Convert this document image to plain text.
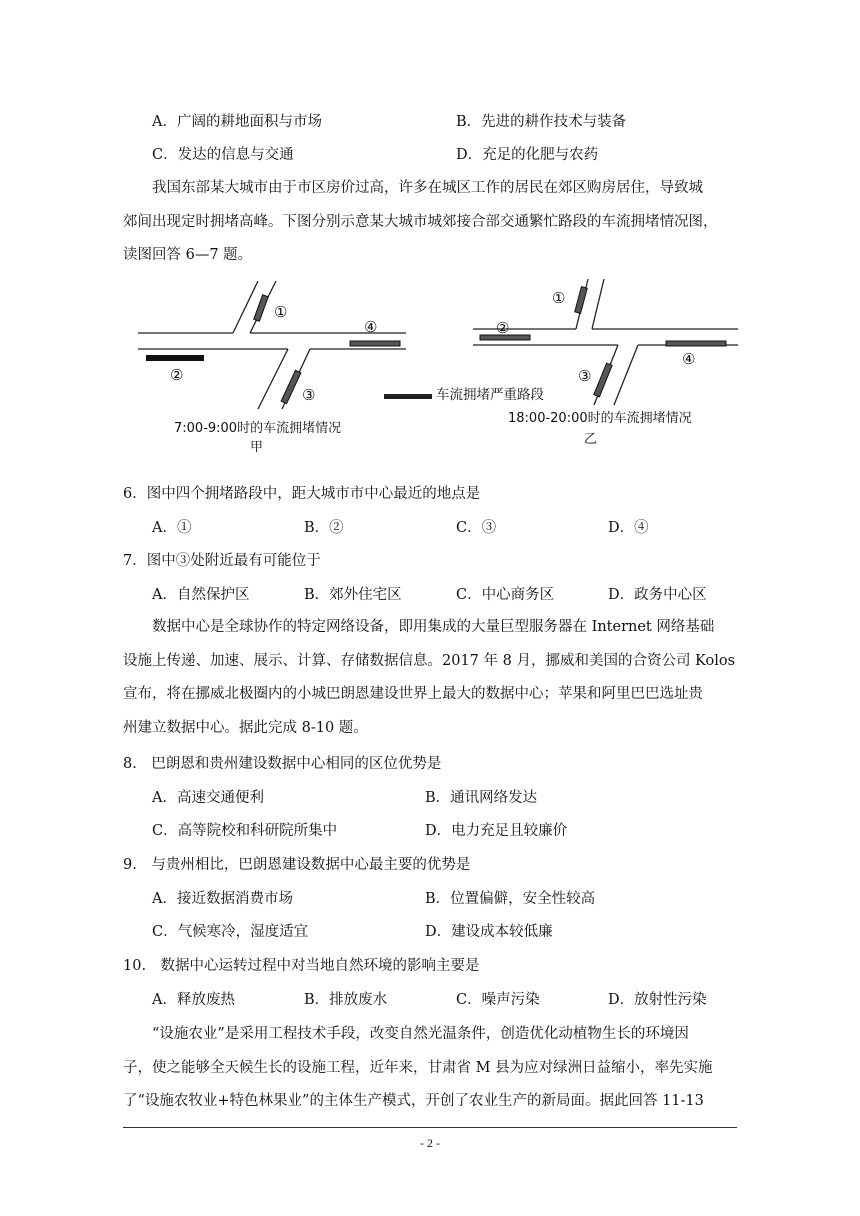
A．广阔的耕地面积与市场	B．先进的耕作技术与装备
C．发达的信息与交通	D．充足的化肥与农药
我国东部某大城市由于市区房价过高，许多在城区工作的居民在郊区购房居住，导致城
郊间出现定时拥堵高峰。下图分别示意某大城市城郊接合部交通繁忙路段的车流拥堵情况图，
读图回答 6—7 题。
①
④
②
③
①
②
④
③
车流拥堵严重路段
7:00-9:00时的车流拥堵情况
甲
18:00-20:00时的车流拥堵情况
乙
6．图中四个拥堵路段中，距大城市市中心最近的地点是
A．①	B．②	C．③	D．④
7．图中③处附近最有可能位于
A．自然保护区	B．郊外住宅区	C．中心商务区	D．政务中心区
数据中心是全球协作的特定网络设备，即用集成的大量巨型服务器在 Internet 网络基础
设施上传递、加速、展示、计算、存储数据信息。2017 年 8 月，挪威和美国的合资公司 Kolos
宣布，将在挪威北极圈内的小城巴朗恩建设世界上最大的数据中心；苹果和阿里巴巴选址贵
州建立数据中心。据此完成 8-10 题。
8.　巴朗恩和贵州建设数据中心相同的区位优势是
A．高速交通便利	B．通讯网络发达
C．高等院校和科研院所集中	D．电力充足且较廉价
9.　与贵州相比，巴朗恩建设数据中心最主要的优势是
A．接近数据消费市场	B．位置偏僻，安全性较高
C．气候寒冷，湿度适宜	D．建设成本较低廉
10.　数据中心运转过程中对当地自然环境的影响主要是
A．释放废热	B．排放废水	C．噪声污染	D．放射性污染
“设施农业”是采用工程技术手段，改变自然光温条件，创造优化动植物生长的环境因
子，使之能够全天候生长的设施工程，近年来，甘肃省 M 县为应对绿洲日益缩小，率先实施
了“设施农牧业+特色林果业”的主体生产模式，开创了农业生产的新局面。据此回答 11-13
- 2 -
